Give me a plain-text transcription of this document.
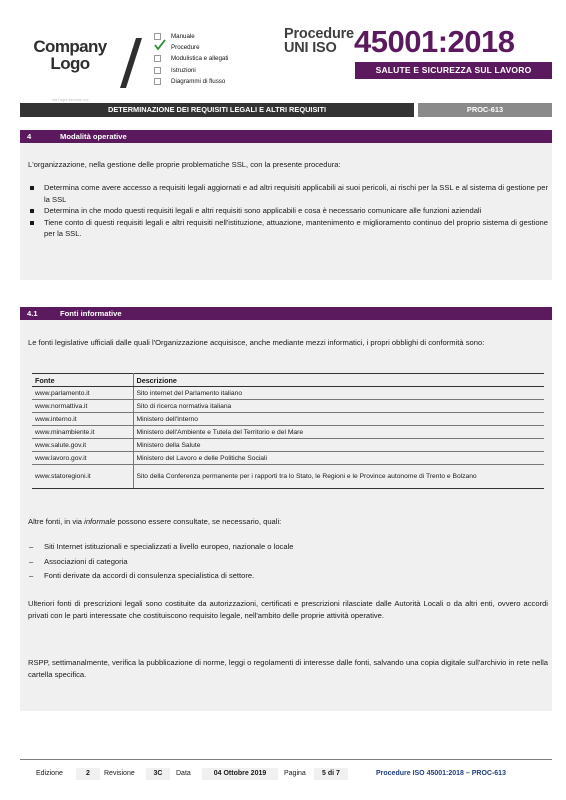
Company
Logo
via l'ogni servizio coi
Manuale
Procedure
Modulistica e allegati
Istruzioni
Diagrammi di flusso
Procedure
UNI ISO 45001:2018
SALUTE E SICUREZZA SUL LAVORO
DETERMINAZIONE DEI REQUISITI LEGALI E ALTRI REQUISITI	PROC-613
4	Modalità operative
L'organizzazione, nella gestione delle proprie problematiche SSL, con la presente procedura:
Determina come avere accesso a requisiti legali aggiornati e ad altri requisiti applicabili ai suoi pericoli, ai rischi per la SSL e al sistema di gestione per la SSL
Determina in che modo questi requisiti legali e altri requisiti sono applicabili e cosa è necessario comunicare alle funzioni aziendali
Tiene conto di questi requisiti legali e altri requisiti nell'istituzione, attuazione, mantenimento e miglioramento continuo del proprio sistema di gestione per la SSL.
4.1	Fonti informative
Le fonti legislative ufficiali dalle quali l'Organizzazione acquisisce, anche mediante mezzi informatici, i propri obblighi di conformità sono:
Fonte	Descrizione
www.parlamento.it	Sito internet del Parlamento italiano
www.normattiva.it	Sito di ricerca normativa italiana
www.interno.it	Ministero dell'Interno
www.minambiente.it	Ministero dell'Ambiente e Tutela del Territorio e del Mare
www.salute.gov.it	Ministero della Salute
www.lavoro.gov.it	Ministero del Lavoro e delle Politiche Sociali
www.statoregioni.it	Sito della Conferenza permanente per i rapporti tra lo Stato, le Regioni e le Province autonome di Trento e Bolzano
Altre fonti, in via informale possono essere consultate, se necessario, quali:
– Siti Internet istituzionali e specializzati a livello europeo, nazionale o locale
– Associazioni di categoria
– Fonti derivate da accordi di consulenza specialistica di settore.
Ulteriori fonti di prescrizioni legali sono costituite da autorizzazioni, certificati e prescrizioni rilasciate dalle Autorità Locali o da altri enti, ovvero accordi privati con le parti interessate che costituiscono requisito legale, nell'ambito delle proprie attività operative.
RSPP, settimanalmente, verifica la pubblicazione di norme, leggi o regolamenti di interesse dalle fonti, salvando una copia digitale sull'archivio in rete nella cartella specifica.
Edizione	2	Revisione	3C	Data	04 Ottobre 2019	Pagina	5 di 7	Procedure ISO 45001:2018 – PROC-613
